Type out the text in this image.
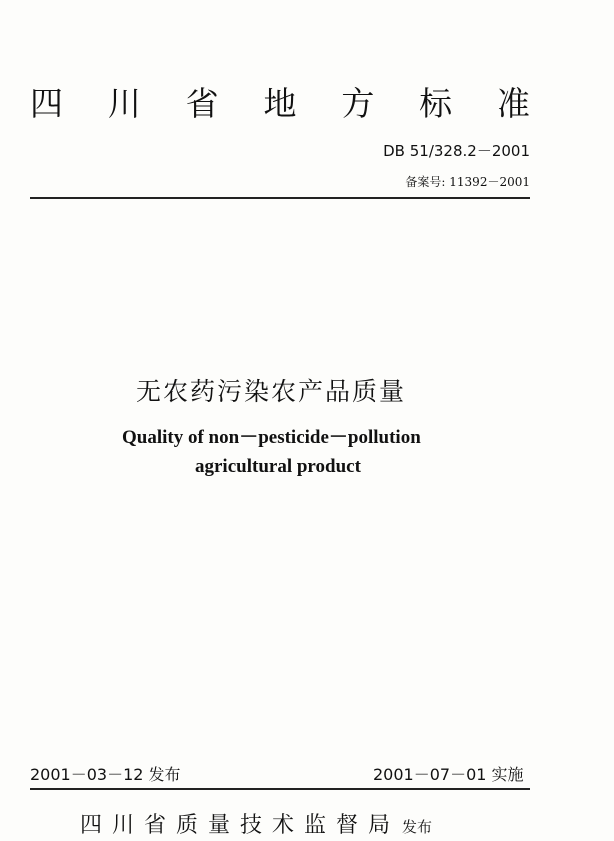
四 川 省 地 方 标 准
DB 51/328.2－2001
备案号: 11392－2001
无农药污染农产品质量
Quality of non－pesticide－pollution
agricultural product
2001－03－12 发布	2001－07－01 实施
四川省质量技术监督局 发布
